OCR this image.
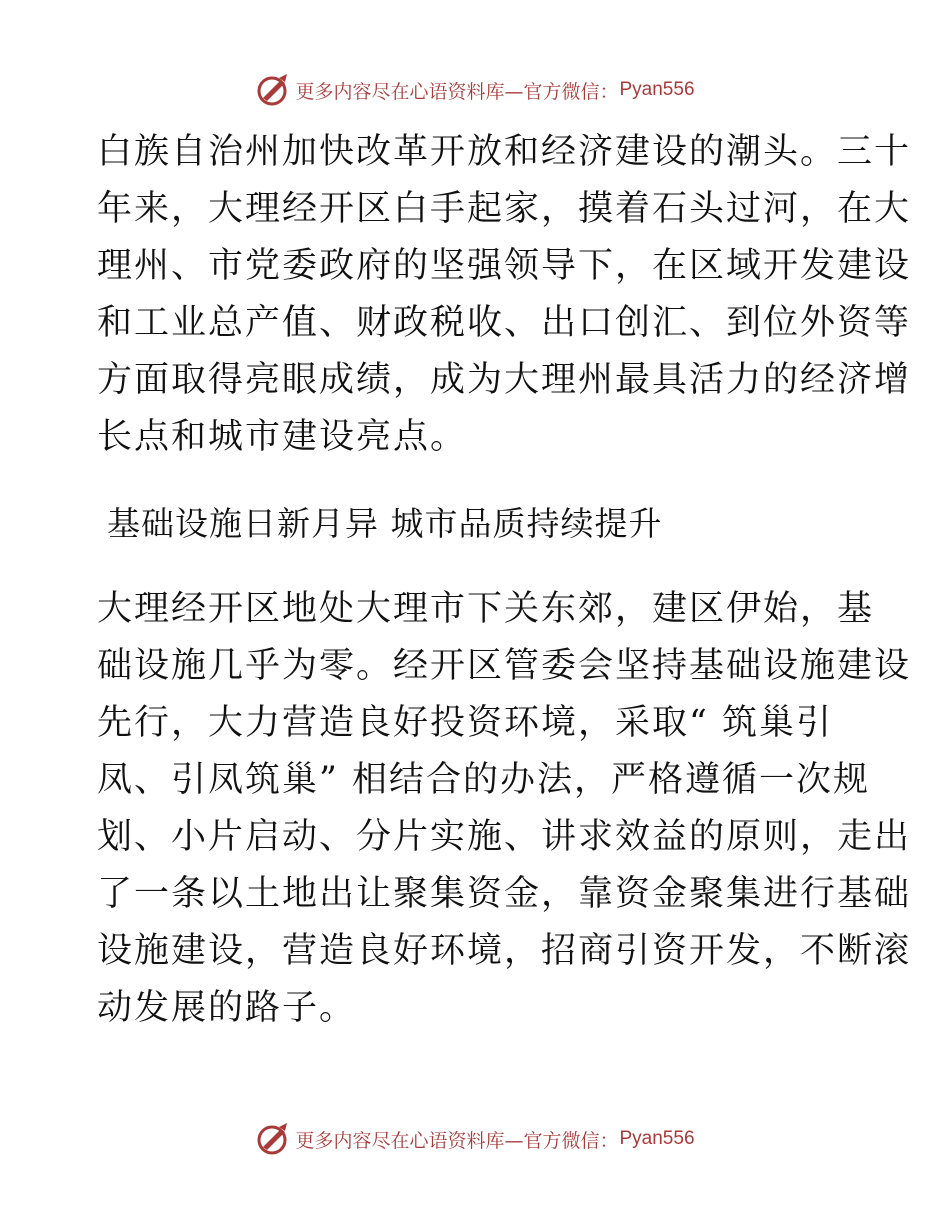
更多内容尽在心语资料库—官方微信： Pyan556
白族自治州加快改革开放和经济建设的潮头。三十
年来，大理经开区白手起家，摸着石头过河，在大
理州、市党委政府的坚强领导下，在区域开发建设
和工业总产值、财政税收、出口创汇、到位外资等
方面取得亮眼成绩，成为大理州最具活力的经济增
长点和城市建设亮点。
基础设施日新月异 城市品质持续提升
大理经开区地处大理市下关东郊，建区伊始，基
础设施几乎为零。经开区管委会坚持基础设施建设
先行，大力营造良好投资环境，采取“ 筑巢引
凤、引凤筑巢” 相结合的办法，严格遵循一次规
划、小片启动、分片实施、讲求效益的原则，走出
了一条以土地出让聚集资金，靠资金聚集进行基础
设施建设，营造良好环境，招商引资开发，不断滚
动发展的路子。
更多内容尽在心语资料库—官方微信： Pyan556
